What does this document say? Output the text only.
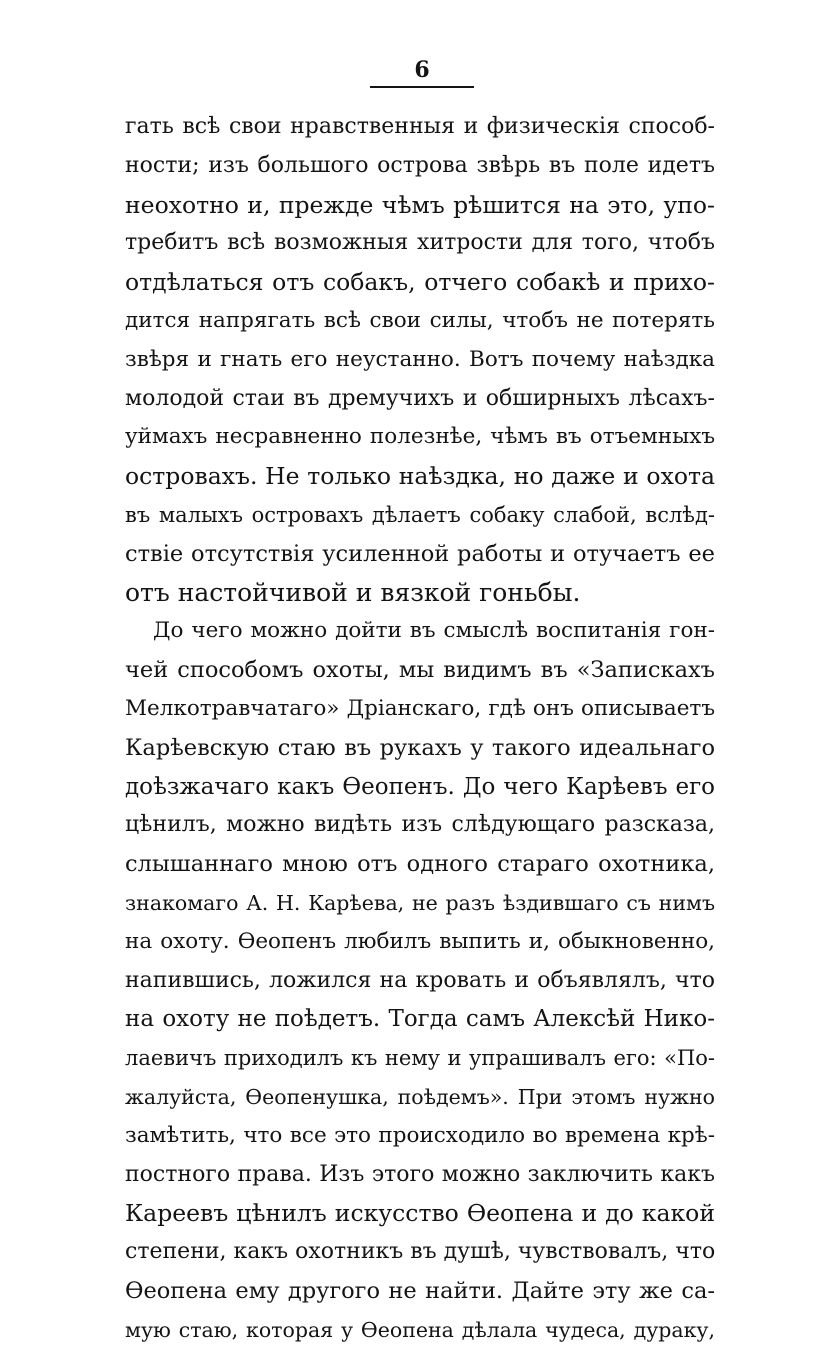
6
гать всѣ свои нравственныя и физическія способ-
ности; изъ большого острова звѣрь въ поле идетъ
неохотно и, прежде чѣмъ рѣшится на это, упо-
требитъ всѣ возможныя хитрости для того, чтобъ
отдѣлаться отъ собакъ, отчего собакѣ и прихо-
дится напрягать всѣ свои силы, чтобъ не потерять
звѣря и гнать его неустанно. Вотъ почему наѣздка
молодой стаи въ дремучихъ и обширныхъ лѣсахъ-
уймахъ несравненно полезнѣе, чѣмъ въ отъемныхъ
островахъ. Не только наѣздка, но даже и охота
въ малыхъ островахъ дѣлаетъ собаку слабой, вслѣд-
ствіе отсутствія усиленной работы и отучаетъ ее
отъ настойчивой и вязкой гоньбы.
До чего можно дойти въ смыслѣ воспитанія гон-
чей способомъ охоты, мы видимъ въ «Запискахъ
Мелкотравчатаго» Дріанскаго, гдѣ онъ описываетъ
Карѣевскую стаю въ рукахъ у такого идеальнаго
доѣзжачаго какъ Ѳеопенъ. До чего Карѣевъ его
цѣнилъ, можно видѣть изъ слѣдующаго разсказа,
слышаннаго мною отъ одного стараго охотника,
знакомаго А. Н. Карѣева, не разъ ѣздившаго съ нимъ
на охоту. Ѳеопенъ любилъ выпить и, обыкновенно,
напившись, ложился на кровать и объявлялъ, что
на охоту не поѣдетъ. Тогда самъ Алексѣй Нико-
лаевичъ приходилъ къ нему и упрашивалъ его: «По-
жалуйста, Ѳеопенушка, поѣдемъ». При этомъ нужно
замѣтить, что все это происходило во времена крѣ-
постного права. Изъ этого можно заключить какъ
Кареевъ цѣнилъ искусство Ѳеопена и до какой
степени, какъ охотникъ въ душѣ, чувствовалъ, что
Ѳеопена ему другого не найти. Дайте эту же са-
мую стаю, которая у Ѳеопена дѣлала чудеса, дураку,
